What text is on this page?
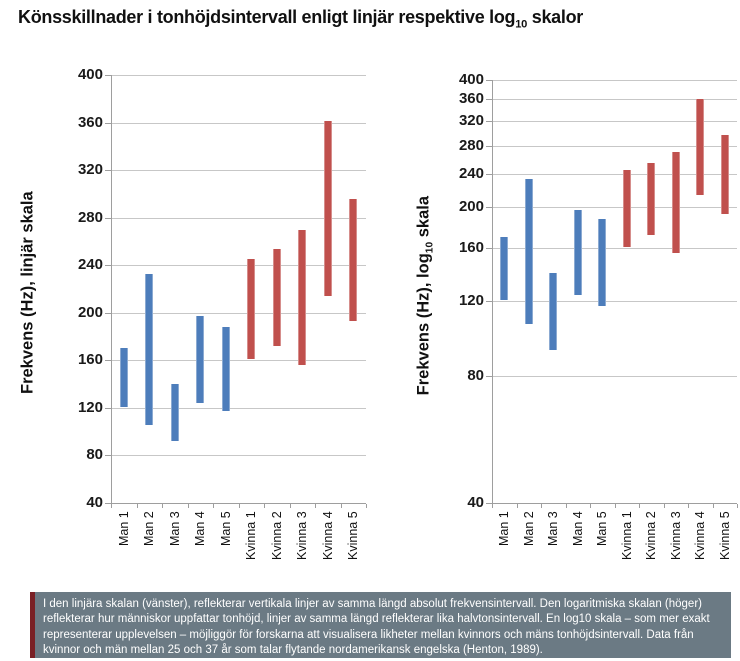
Könsskillnader i tonhöjdsintervall enligt linjär respektive $\log_{10}$ skalor
Frekvens (Hz), linjär skala	Frekvens (Hz), $\log_{10}$ skala
40
80
120
160
200
240
280
320
360
400
Man 1 Man 2 Man 3 Man 4 Man 5 Kvinna 1 Kvinna 2 Kvinna 3 Kvinna 4 Kvinna 5
40
80
120
160
200
240
280
320
360
400
Man 1 Man 2 Man 3 Man 4 Man 5 Kvinna 1 Kvinna 2 Kvinna 3 Kvinna 4 Kvinna 5

I den linjära skalan (vänster), reflekterar vertikala linjer av samma längd absolut frekvensintervall. Den logaritmiska skalan (höger) reflekterar hur människor uppfattar tonhöjd, linjer av samma längd reflekterar lika halvtonsintervall. En log10 skala – som mer exakt representerar upplevelsen – möjliggör för forskarna att visualisera likheter mellan kvinnors och mäns tonhöjdsintervall. Data från kvinnor och män mellan 25 och 37 år som talar flytande nordamerikansk engelska (Henton, 1989).
